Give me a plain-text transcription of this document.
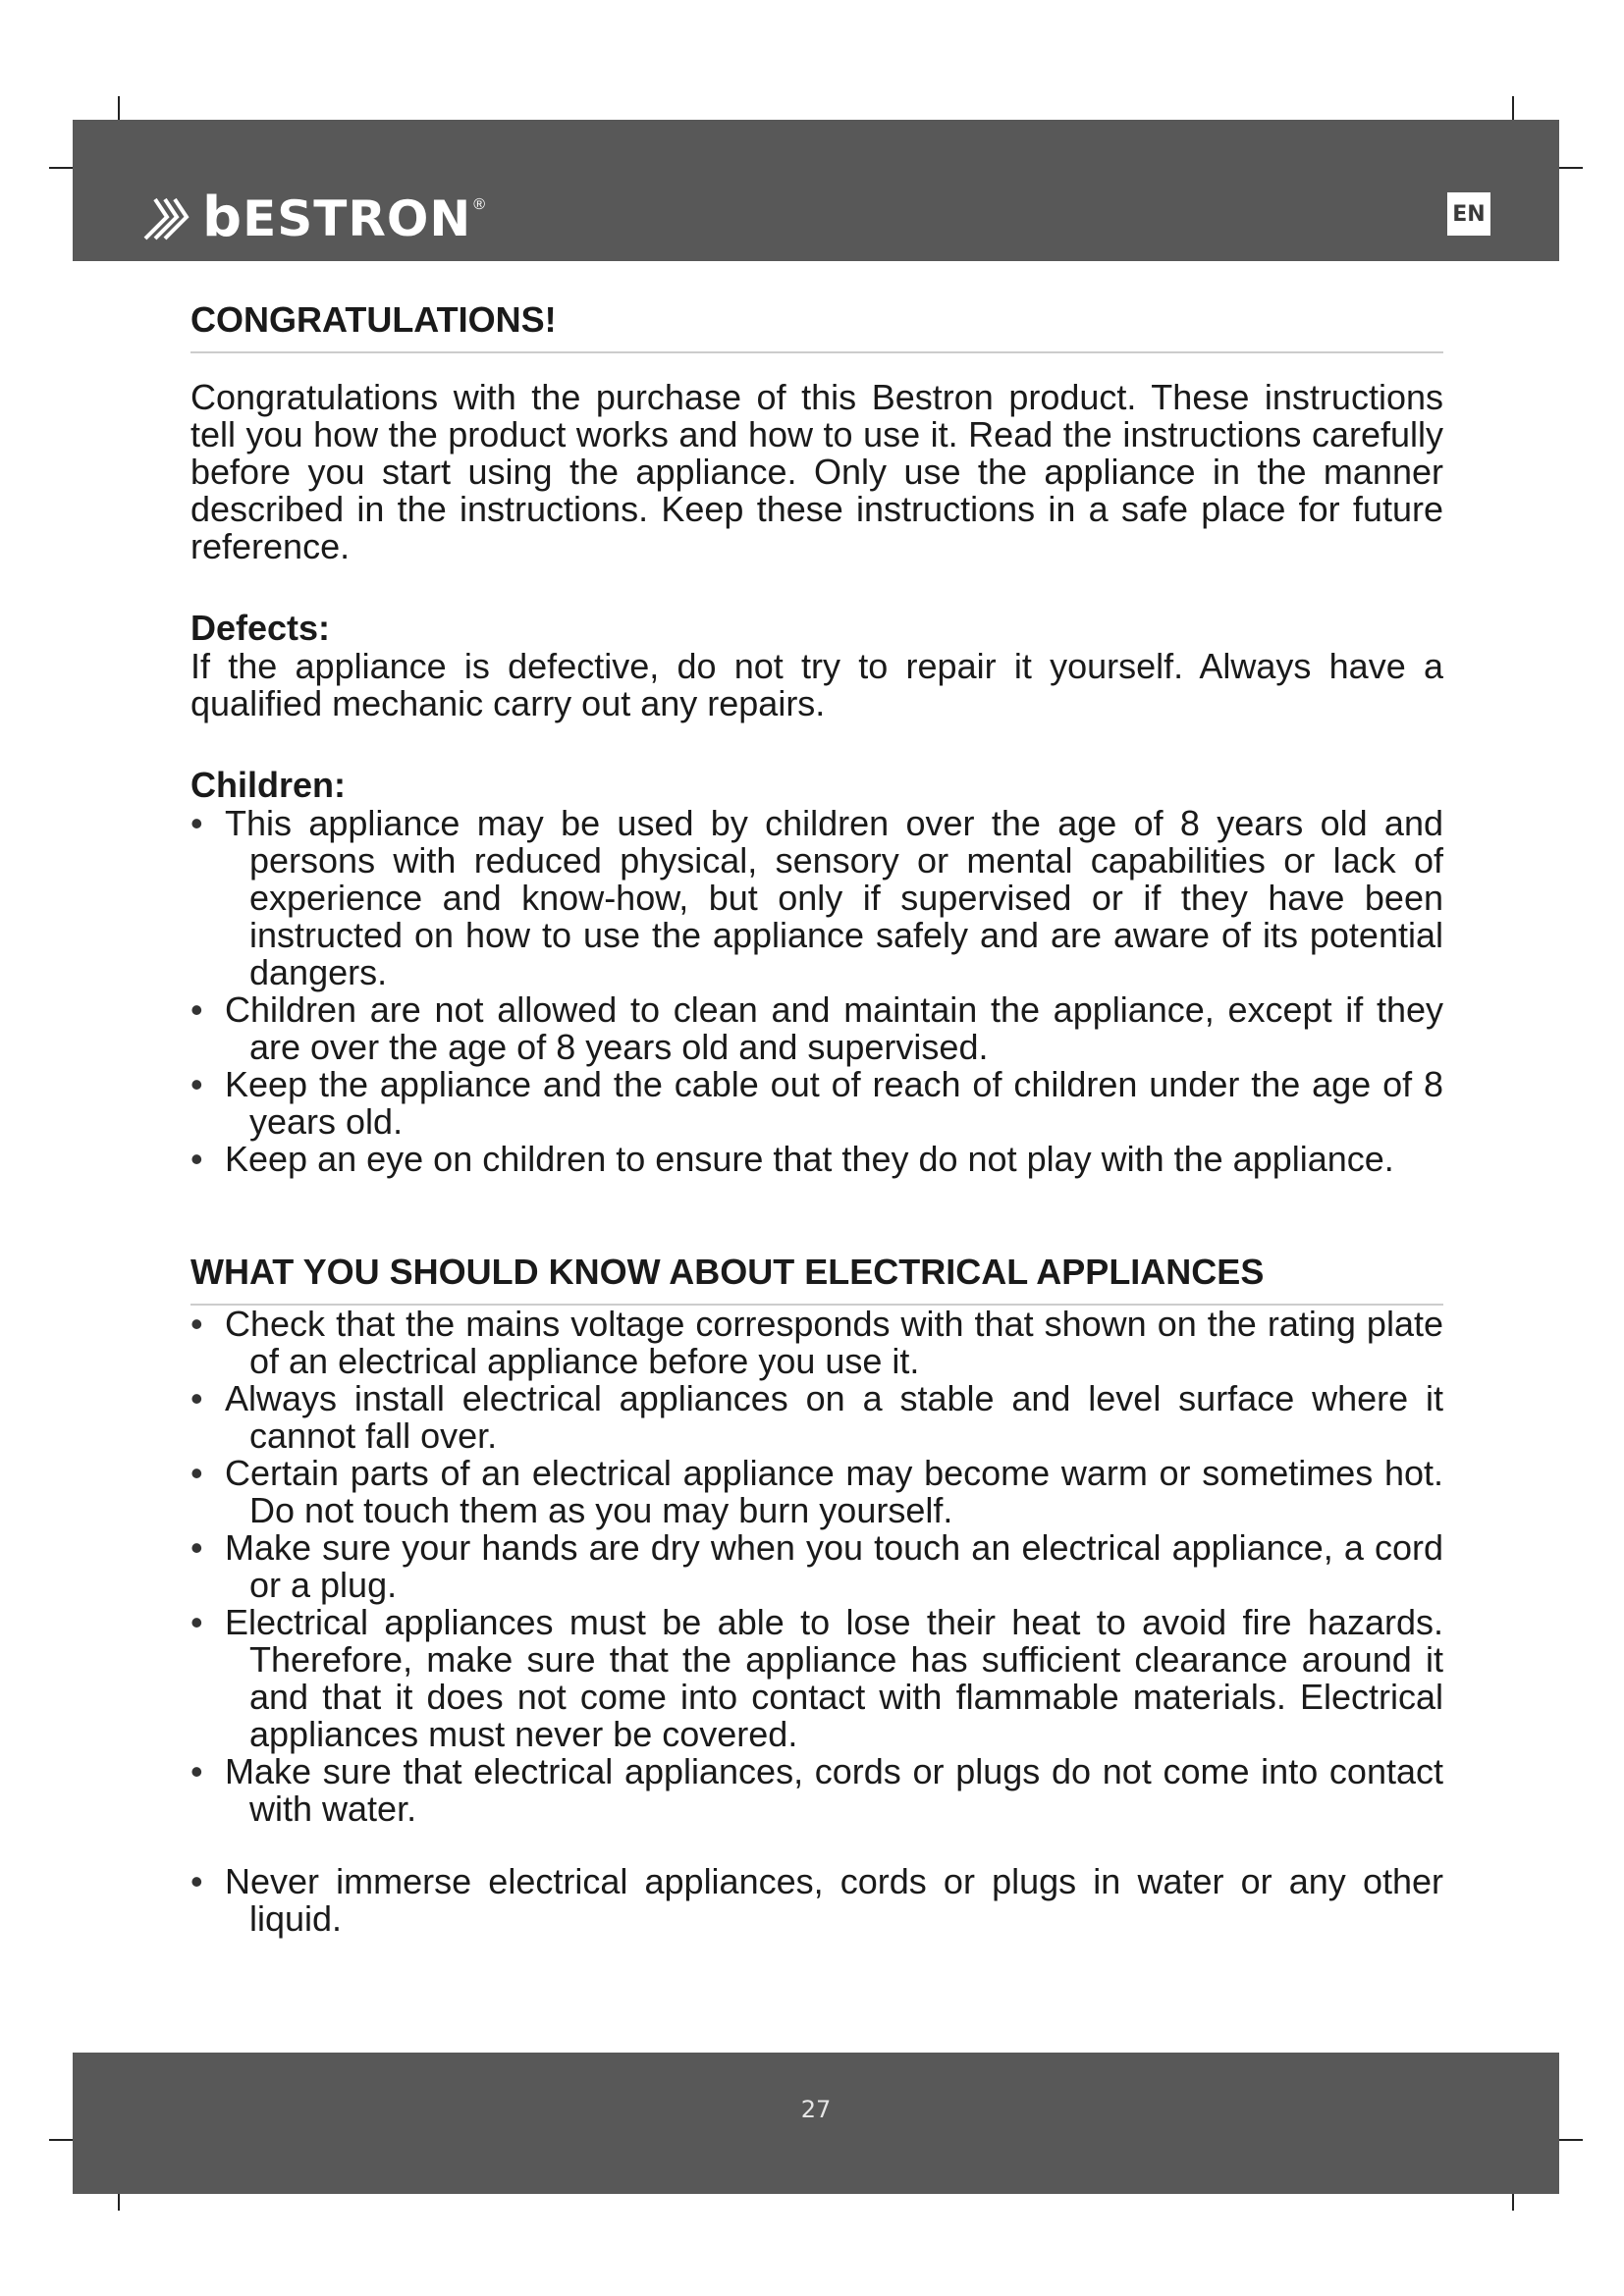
bESTRON ®	EN
CONGRATULATIONS!

Congratulations with the purchase of this Bestron product. These instructions tell you how the product works and how to use it. Read the instructions carefully before you start using the appliance. Only use the appliance in the manner described in the instructions. Keep these instructions in a safe place for future reference.

Defects:

If the appliance is defective, do not try to repair it yourself. Always have a qualified mechanic carry out any repairs.

Children:
• This appliance may be used by children over the age of 8 years old and persons with reduced physical, sensory or mental capabilities or lack of experience and know-how, but only if supervised or if they have been instructed on how to use the appliance safely and are aware of its potential dangers.
• Children are not allowed to clean and maintain the appliance, except if they are over the age of 8 years old and supervised.
• Keep the appliance and the cable out of reach of children under the age of 8 years old.
• Keep an eye on children to ensure that they do not play with the appliance.
WHAT YOU SHOULD KNOW ABOUT ELECTRICAL APPLIANCES
• Check that the mains voltage corresponds with that shown on the rating plate of an electrical appliance before you use it.
• Always install electrical appliances on a stable and level surface where it cannot fall over.
• Certain parts of an electrical appliance may become warm or sometimes hot. Do not touch them as you may burn yourself.
• Make sure your hands are dry when you touch an electrical appliance, a cord or a plug.
• Electrical appliances must be able to lose their heat to avoid fire hazards. Therefore, make sure that the appliance has sufficient clearance around it and that it does not come into contact with flammable materials. Electrical appliances must never be covered.
• Make sure that electrical appliances, cords or plugs do not come into contact with water.
• Never immerse electrical appliances, cords or plugs in water or any other liquid.
27
